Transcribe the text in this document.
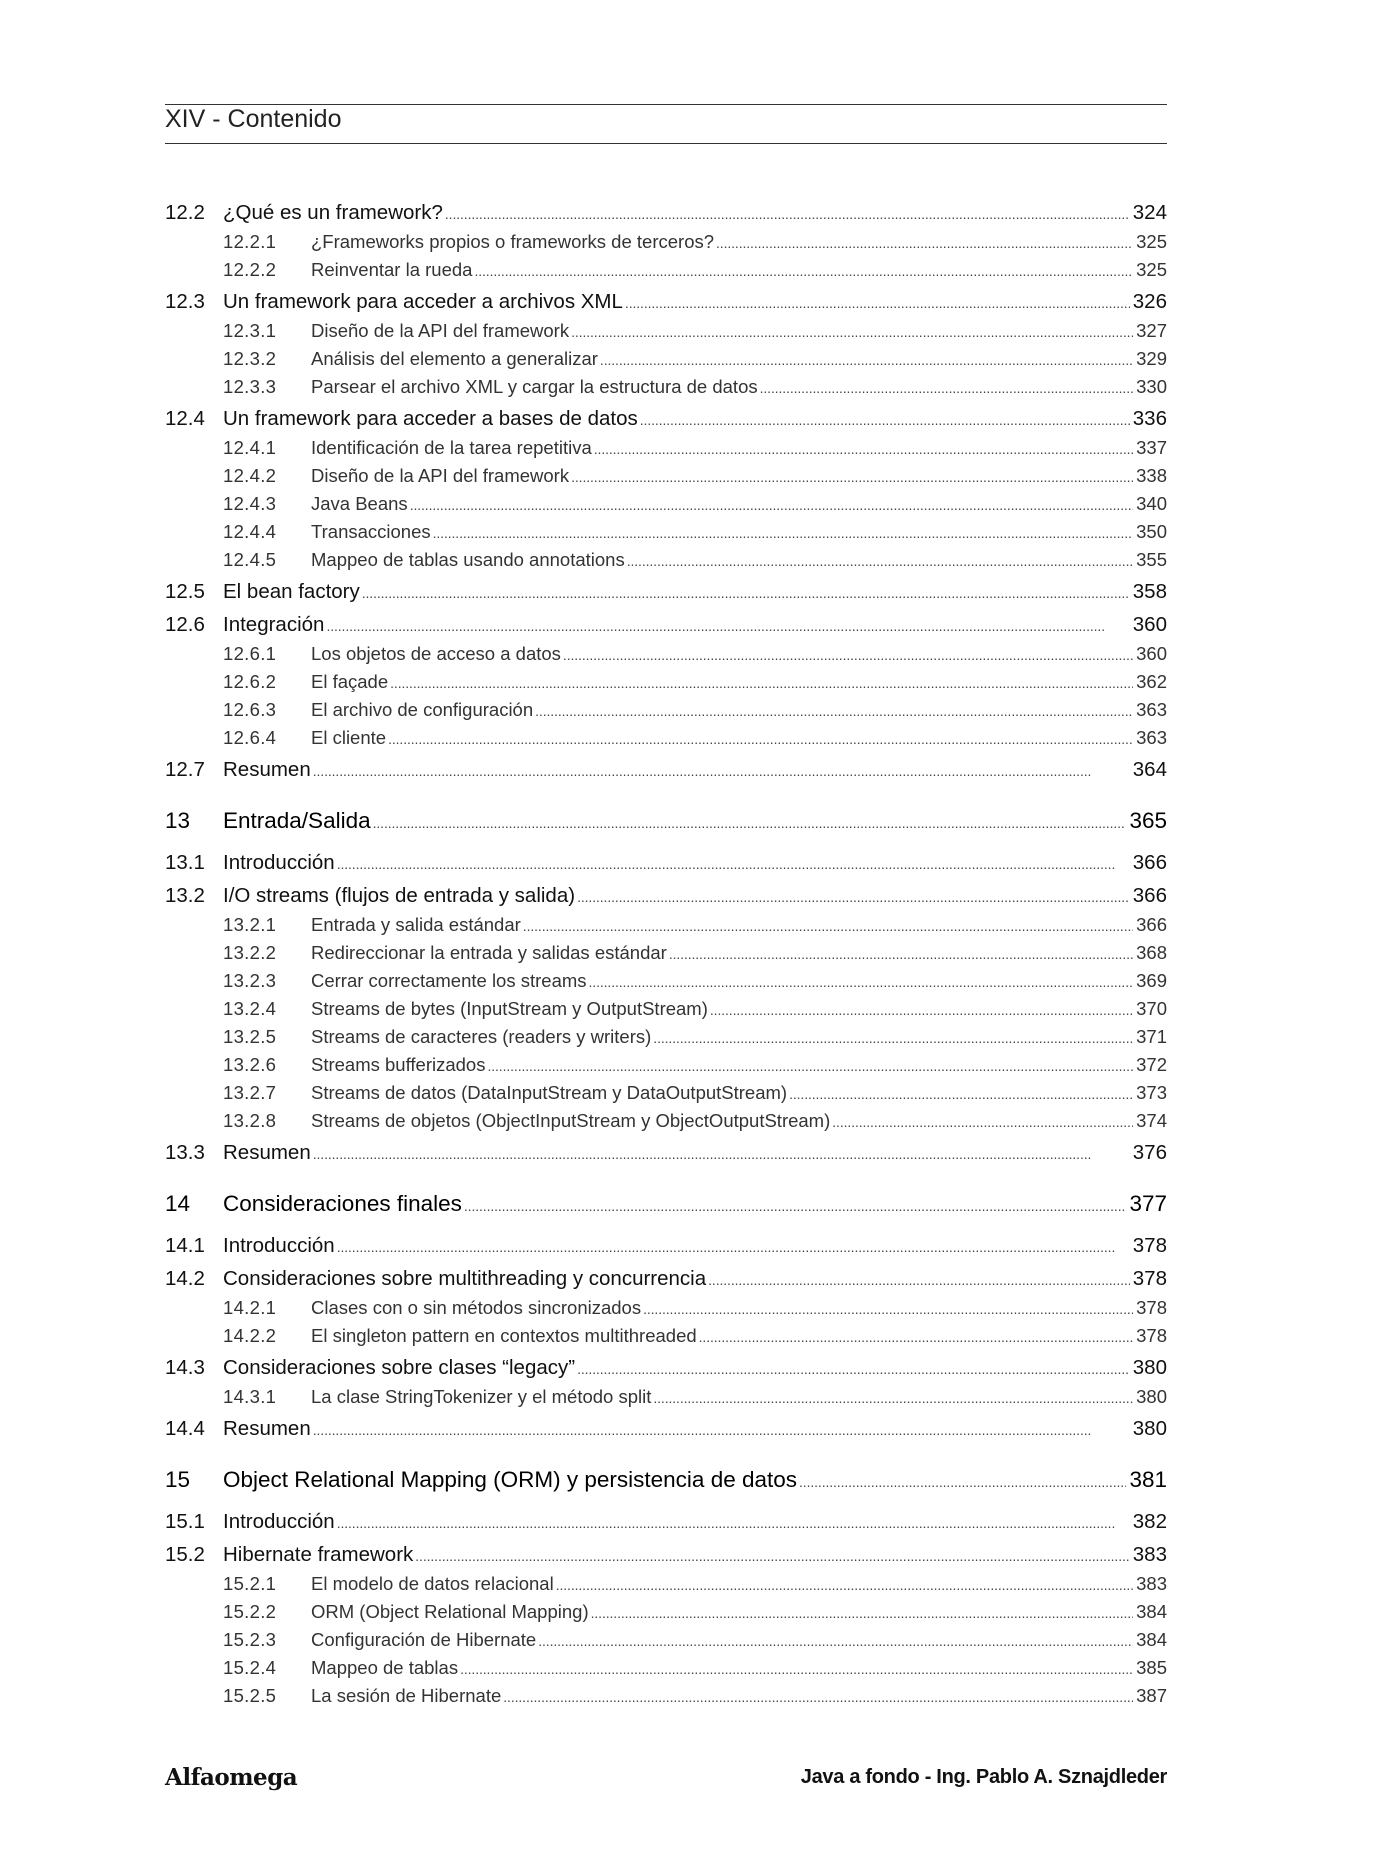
XIV - Contenido
12.2 ¿Qué es un framework? . . .	324
12.2.1	¿Frameworks propios o frameworks de terceros? . . .	325
12.2.2	Reinventar la rueda . . .	325
12.3 Un framework para acceder a archivos XML . . .	326
12.3.1	Diseño de la API del framework . . .	327
12.3.2	Análisis del elemento a generalizar . . .	329
12.3.3	Parsear el archivo XML y cargar la estructura de datos . . .	330
12.4 Un framework para acceder a bases de datos . . .	336
12.4.1	Identificación de la tarea repetitiva . . .	337
12.4.2	Diseño de la API del framework . . .	338
12.4.3	Java Beans . . .	340
12.4.4	Transacciones . . .	350
12.4.5	Mappeo de tablas usando annotations . . .	355
12.5 El bean factory . . .	358
12.6 Integración . . .	360
12.6.1	Los objetos de acceso a datos . . .	360
12.6.2	El façade . . .	362
12.6.3	El archivo de configuración . . .	363
12.6.4	El cliente . . .	363
12.7 Resumen . . .	364
13	Entrada/Salida . . .	365
13.1 Introducción . . .	366
13.2 I/O streams (flujos de entrada y salida) . . .	366
13.2.1	Entrada y salida estándar . . .	366
13.2.2	Redireccionar la entrada y salidas estándar . . .	368
13.2.3	Cerrar correctamente los streams . . .	369
13.2.4	Streams de bytes (InputStream y OutputStream) . . .	370
13.2.5	Streams de caracteres (readers y writers) . . .	371
13.2.6	Streams bufferizados . . .	372
13.2.7	Streams de datos (DataInputStream y DataOutputStream) . . .	373
13.2.8	Streams de objetos (ObjectInputStream y ObjectOutputStream) . . .	374
13.3 Resumen . . .	376
14	Consideraciones finales . . .	377
14.1 Introducción . . .	378
14.2 Consideraciones sobre multithreading y concurrencia . . .	378
14.2.1	Clases con o sin métodos sincronizados . . .	378
14.2.2	El singleton pattern en contextos multithreaded . . .	378
14.3 Consideraciones sobre clases “legacy” . . .	380
14.3.1	La clase StringTokenizer y el método split . . .	380
14.4 Resumen . . .	380
15	Object Relational Mapping (ORM) y persistencia de datos . . .	381
15.1 Introducción . . .	382
15.2 Hibernate framework . . .	383
15.2.1	El modelo de datos relacional . . .	383
15.2.2	ORM (Object Relational Mapping) . . .	384
15.2.3	Configuración de Hibernate . . .	384
15.2.4	Mappeo de tablas . . .	385
15.2.5	La sesión de Hibernate . . .	387
Alfaomega	Java a fondo - Ing. Pablo A. Sznajdleder
